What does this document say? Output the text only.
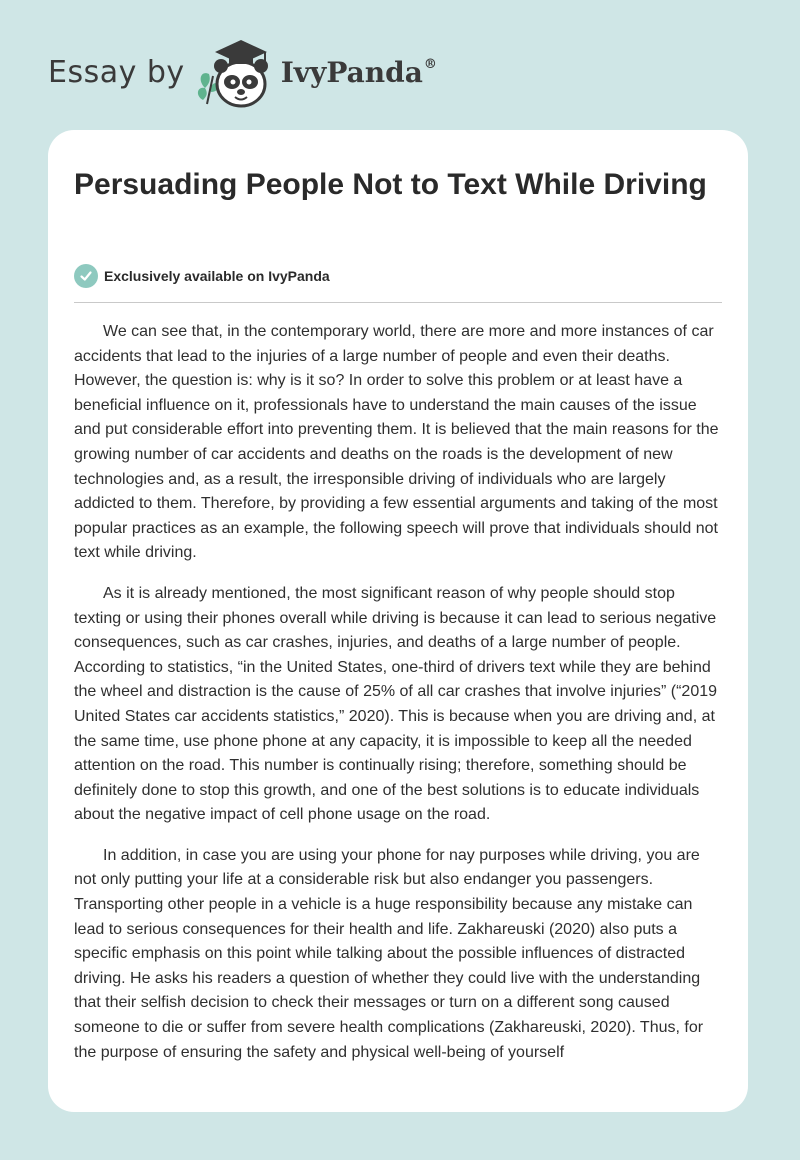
Essay by	IvyPanda®
Persuading People Not to Text While Driving
Exclusively available on IvyPanda

We can see that, in the contemporary world, there are more and more instances of car accidents that lead to the injuries of a large number of people and even their deaths. However, the question is: why is it so? In order to solve this problem or at least have a beneficial influence on it, professionals have to understand the main causes of the issue and put considerable effort into preventing them. It is believed that the main reasons for the growing number of car accidents and deaths on the roads is the development of new technologies and, as a result, the irresponsible driving of individuals who are largely addicted to them. Therefore, by providing a few essential arguments and taking of the most popular practices as an example, the following speech will prove that individuals should not text while driving.

As it is already mentioned, the most significant reason of why people should stop texting or using their phones overall while driving is because it can lead to serious negative consequences, such as car crashes, injuries, and deaths of a large number of people. According to statistics, “in the United States, one-third of drivers text while they are behind the wheel and distraction is the cause of 25% of all car crashes that involve injuries” (“2019 United States car accidents statistics,” 2020). This is because when you are driving and, at the same time, use phone phone at any capacity, it is impossible to keep all the needed attention on the road. This number is continually rising; therefore, something should be definitely done to stop this growth, and one of the best solutions is to educate individuals about the negative impact of cell phone usage on the road.

In addition, in case you are using your phone for nay purposes while driving, you are not only putting your life at a considerable risk but also endanger you passengers. Transporting other people in a vehicle is a huge responsibility because any mistake can lead to serious consequences for their health and life. Zakhareuski (2020) also puts a specific emphasis on this point while talking about the possible influences of distracted driving. He asks his readers a question of whether they could live with the understanding that their selfish decision to check their messages or turn on a different song caused someone to die or suffer from severe health complications (Zakhareuski, 2020). Thus, for the purpose of ensuring the safety and physical well-being of yourself
